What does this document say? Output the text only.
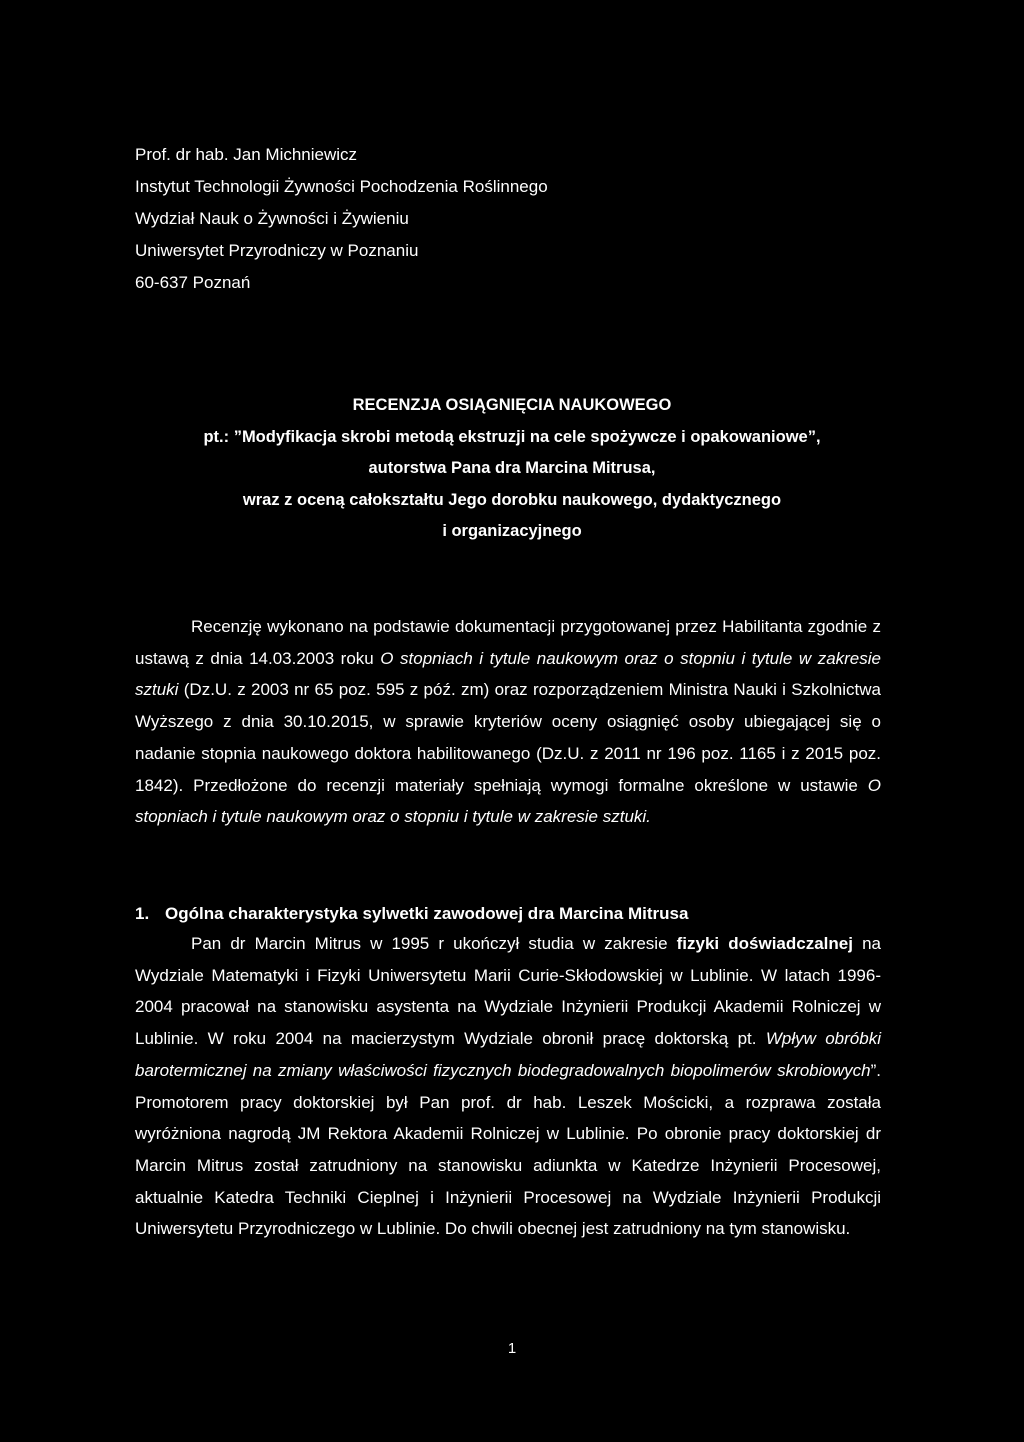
Prof. dr hab. Jan Michniewicz
Instytut Technologii Żywności Pochodzenia Roślinnego
Wydział Nauk o Żywności i Żywieniu
Uniwersytet Przyrodniczy w Poznaniu
60-637 Poznań
RECENZJA OSIĄGNIĘCIA NAUKOWEGO
pt.: ”Modyfikacja skrobi metodą ekstruzji na cele spożywcze i opakowaniowe”,
autorstwa Pana dra Marcina Mitrusa,
wraz z oceną całokształtu Jego dorobku naukowego, dydaktycznego
i organizacyjnego
Recenzję wykonano na podstawie dokumentacji przygotowanej przez Habilitanta zgodnie z ustawą z dnia 14.03.2003 roku O stopniach i tytule naukowym oraz o stopniu i tytule w zakresie sztuki (Dz.U. z 2003 nr 65 poz. 595 z póź. zm) oraz rozporządzeniem Ministra Nauki i Szkolnictwa Wyższego z dnia 30.10.2015, w sprawie kryteriów oceny osiągnięć osoby ubiegającej się o nadanie stopnia naukowego doktora habilitowanego (Dz.U. z 2011 nr 196 poz. 1165 i z 2015 poz. 1842). Przedłożone do recenzji materiały spełniają wymogi formalne określone w ustawie O stopniach i tytule naukowym oraz o stopniu i tytule w zakresie sztuki.
1. Ogólna charakterystyka sylwetki zawodowej dra Marcina Mitrusa
Pan dr Marcin Mitrus w 1995 r ukończył studia w zakresie fizyki doświadczalnej na Wydziale Matematyki i Fizyki Uniwersytetu Marii Curie-Skłodowskiej w Lublinie. W latach 1996-2004 pracował na stanowisku asystenta na Wydziale Inżynierii Produkcji Akademii Rolniczej w Lublinie. W roku 2004 na macierzystym Wydziale obronił pracę doktorską pt. Wpływ obróbki barotermicznej na zmiany właściwości fizycznych biodegradowalnych biopolimerów skrobiowych”. Promotorem pracy doktorskiej był Pan prof. dr hab. Leszek Mościcki, a rozprawa została wyróżniona nagrodą JM Rektora Akademii Rolniczej w Lublinie. Po obronie pracy doktorskiej dr Marcin Mitrus został zatrudniony na stanowisku adiunkta w Katedrze Inżynierii Procesowej, aktualnie Katedra Techniki Cieplnej i Inżynierii Procesowej na Wydziale Inżynierii Produkcji Uniwersytetu Przyrodniczego w Lublinie. Do chwili obecnej jest zatrudniony na tym stanowisku.
1
